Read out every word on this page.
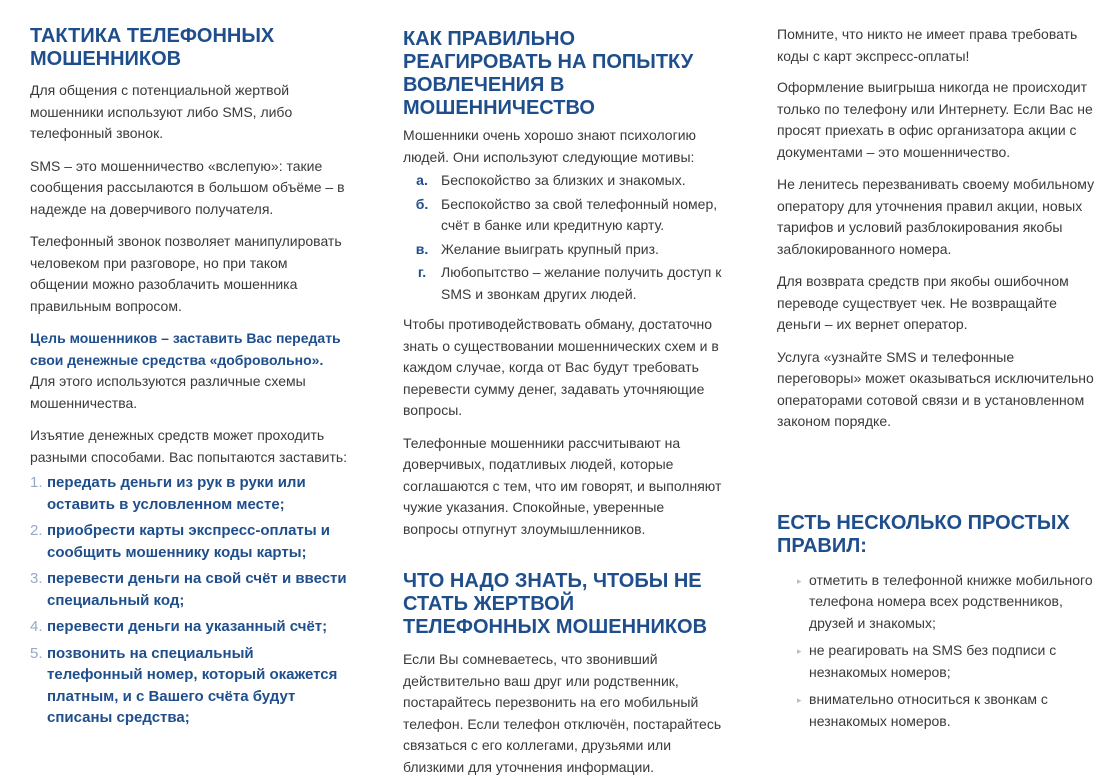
ТАКТИКА ТЕЛЕФОННЫХ МОШЕННИКОВ

Для общения с потенциальной жертвой мошенники используют либо SMS, либо телефонный звонок.

SMS – это мошенничество «вслепую»: такие сообщения рассылаются в большом объёме – в надежде на доверчивого получателя.

Телефонный звонок позволяет манипулировать человеком при разговоре, но при таком общении можно разоблачить мошенника правильным вопросом.

Цель мошенников – заставить Вас передать свои денежные средства «добровольно». Для этого используются различные схемы мошенничества.

Изъятие денежных средств может проходить разными способами. Вас попытаются заставить:

1. передать деньги из рук в руки или оставить в условленном месте;
2. приобрести карты экспресс-оплаты и сообщить мошеннику коды карты;
3. перевести деньги на свой счёт и ввести специальный код;
4. перевести деньги на указанный счёт;
5. позвонить на специальный телефонный номер, который окажется платным, и с Вашего счёта будут списаны средства;
КАК ПРАВИЛЬНО РЕАГИРОВАТЬ НА ПОПЫТКУ ВОВЛЕЧЕНИЯ В МОШЕННИЧЕСТВО

Мошенники очень хорошо знают психологию людей. Они используют следующие мотивы:

а. Беспокойство за близких и знакомых.
б. Беспокойство за свой телефонный номер, счёт в банке или кредитную карту.
в. Желание выиграть крупный приз.
г.	Любопытство – желание получить доступ к SMS и звонкам других людей.

Чтобы противодействовать обману, достаточно знать о существовании мошеннических схем и в каждом случае, когда от Вас будут требовать перевести сумму денег, задавать уточняющие вопросы.

Телефонные мошенники рассчитывают на доверчивых, податливых людей, которые соглашаются с тем, что им говорят, и выполняют чужие указания. Спокойные, уверенные вопросы отпугнут злоумышленников.

ЧТО НАДО ЗНАТЬ, ЧТОБЫ НЕ СТАТЬ ЖЕРТВОЙ ТЕЛЕФОННЫХ МОШЕННИКОВ

Если Вы сомневаетесь, что звонивший действительно ваш друг или родственник, постарайтесь перезвонить на его мобильный телефон. Если телефон отключён, постарайтесь связаться с его коллегами, друзьями или близкими для уточнения информации.

Помните, что никто не имеет права требовать коды с карт экспресс-оплаты!

Оформление выигрыша никогда не происходит только по телефону или Интернету. Если Вас не просят приехать в офис организатора акции с документами – это мошенничество.

Не ленитесь перезванивать своему мобильному оператору для уточнения правил акции, новых тарифов и условий разблокирования якобы заблокированного номера.

Для возврата средств при якобы ошибочном переводе существует чек. Не возвращайте деньги – их вернет оператор.

Услуга «узнайте SMS и телефонные переговоры» может оказываться исключительно операторами сотовой связи и в установленном законом порядке.

ЕСТЬ НЕСКОЛЬКО ПРОСТЫХ ПРАВИЛ:
▸ отметить в телефонной книжке мобильного телефона номера всех родственников, друзей и знакомых;
▸ не реагировать на SMS без подписи с незнакомых номеров;
▸ внимательно относиться к звонкам с незнакомых номеров.
